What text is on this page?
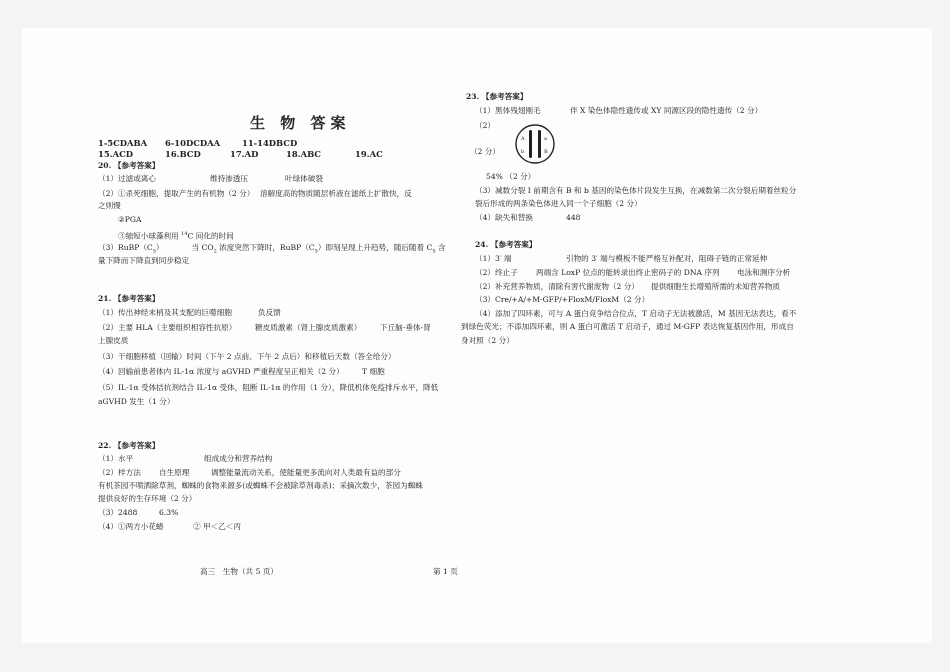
生 物 答案
1-5CDABA 6-10DCDAA	11-14DBCD
15.ACD	16.BCD	17.AD	18.ABC	19.AC
20. 【参考答案】
（1）过滤或离心	维持渗透压	叶绿体破裂
（2）①杀死细胞，提取产生的有机物（2 分） 溶解度高的物质随层析液在滤纸上扩散快，反
之则慢
②PGA
③缩短小球藻利用 $^{14}$C 同化的时间
$(3)RuBP(C_5)$	当 $CO_2$ 浓度突然下降时，$RuBP(C_5)$即刻呈现上升趋势，随后随着 $C_5$ 含
量下降而下降直到同步稳定
21. 【参考答案】
（1）传出神经末梢及其支配的巨噬细胞	负反馈
（2）主要 HLA（主要组织相容性抗原） 糖皮质激素（肾上腺皮质激素） 下丘脑-垂体-肾
上腺皮质
（3）干细胞移植（回输）时间（下午 2 点前、下午 2 点后）和移植后天数（答全给分）
（4）回输前患者体内 IL-1α 浓度与 aGVHD 严重程度呈正相关（2 分） T 细胞
（5）IL-1α 受体拮抗剂结合 IL-1α 受体，阻断 IL-1α 的作用（1 分），降低机体免疫排斥水平，降低
aGVHD 发生（1 分）
22. 【参考答案】
（1）水平	组成成分和营养结构
（2）样方法 自生原理	调整能量流动关系，使能量更多流向对人类最有益的部分
有机茶园不喷洒除草剂，蜘蛛的食物来源多(或蜘蛛不会被除草剂毒杀)；采摘次数少，茶园为蜘蛛
提供良好的生存环境（2 分）
（3）2488	6.3%
（4）①两方小花蝽	② 甲＜乙＜丙
23. 【参考答案】
（1）黑体残翅刚毛	伴 X 染色体隐性遗传或 XY 同源区段的隐性遗传（2 分）
（2）
（2 分）
A
b
a
B
54% （2 分）
（3）减数分裂 I 前期含有 B 和 b 基因的染色体片段发生互换，在减数第二次分裂后期着丝粒分
裂后形成的两条染色体进入同一个子细胞（2 分）
（4）缺失和替换	448
24. 【参考答案】
（1）3′ 端	引物的 3′ 端与模板不能严格互补配对，阻碍子链的正常延伸
（2）终止子 两端含 LoxP 位点的能转录出终止密码子的 DNA 序列 电泳和测序分析
（2）补充营养物质，清除有害代谢废物（2 分） 提供细胞生长增殖所需的未知营养物质
（3）Cre/+A/+M-GFP/+FloxM/FloxM（2 分）
（4）添加了四环素，可与 A 蛋白竞争结合位点，T 启动子无法被激活，M 基因无法表达，看不
到绿色荧光；不添加四环素，则 A 蛋白可激活 T 启动子，通过 M-GFP 表达恢复基因作用，形成自
身对照（2 分）
高三　生物（共 5 页）	第 1 页
